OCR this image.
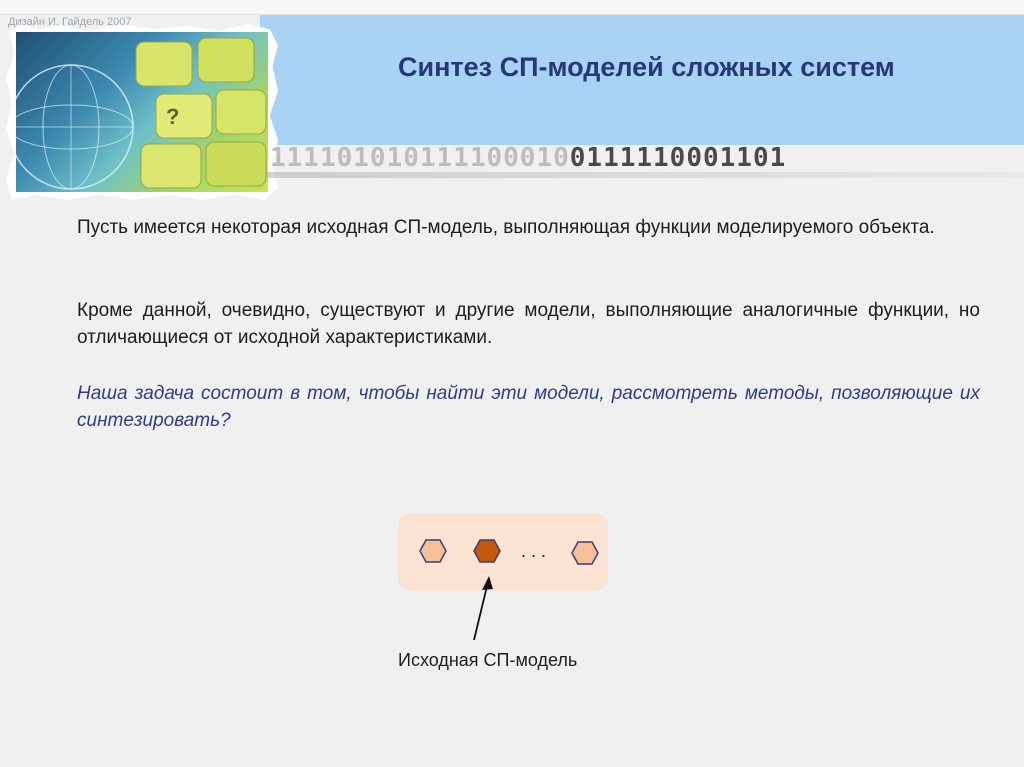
?
Дизайн И. Гайдель 2007
Синтез СП-моделей сложных систем
1111010101111000100111110001101

Пусть имеется некоторая исходная СП-модель, выполняющая функции моделируемого объекта.

Кроме данной, очевидно, существуют и другие модели, выполняющие аналогичные функции, но отличающиеся от исходной характеристиками.

Наша задача состоит в том, чтобы найти эти модели, рассмотреть методы, позволяющие их синтезировать?

. . .

Исходная СП-модель
